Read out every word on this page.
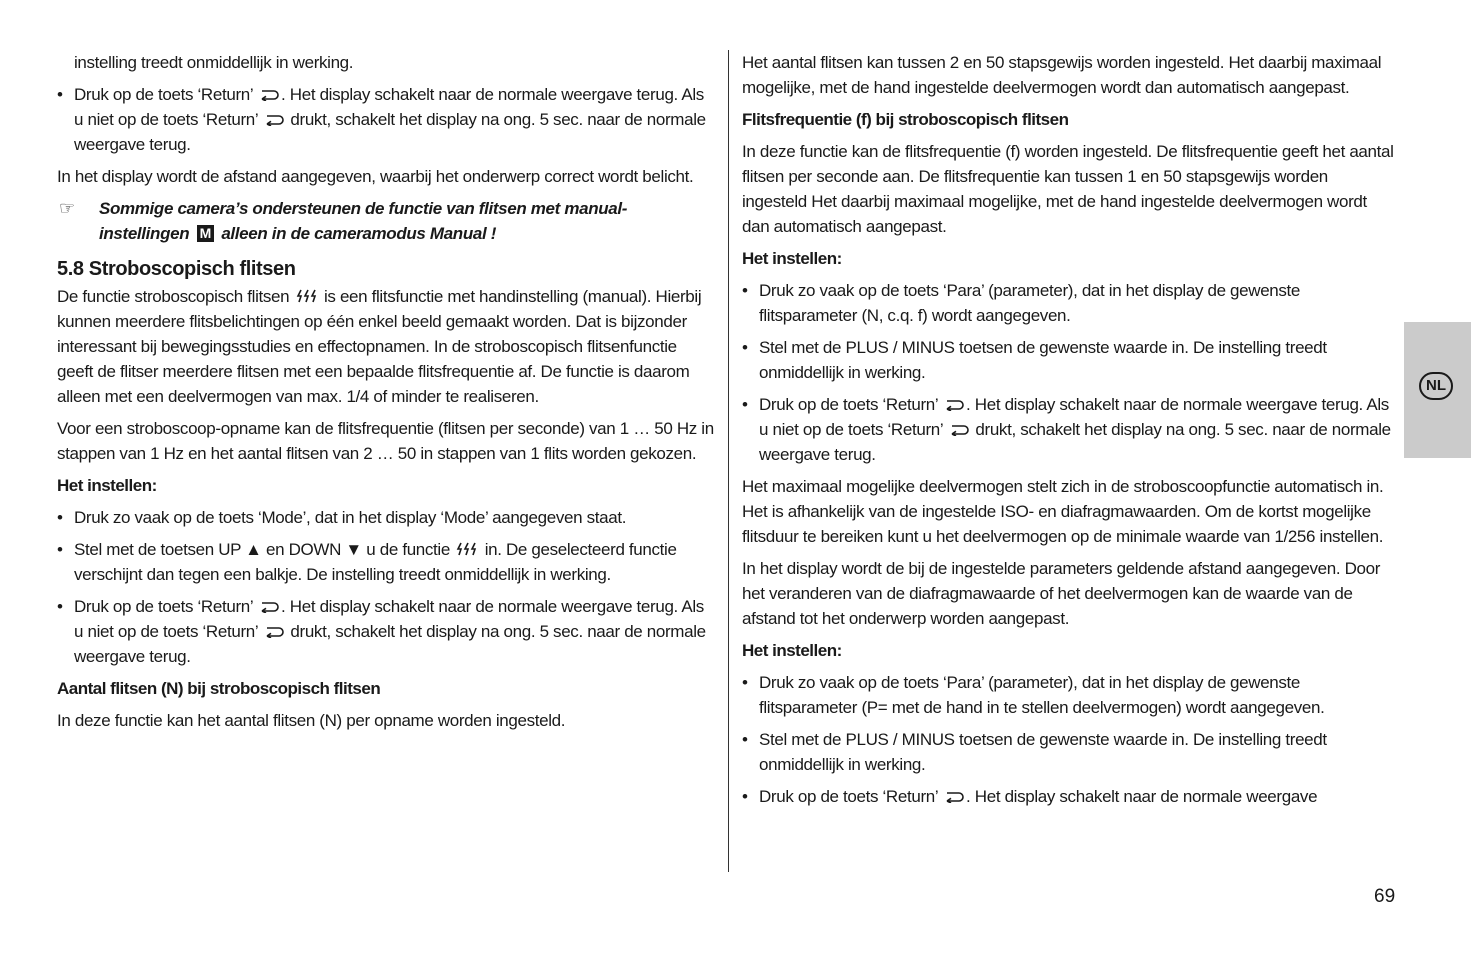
instelling treedt onmiddellijk in werking.

• Druk op de toets ‘Return’ . Het display schakelt naar de normale weergave terug. Als u niet op de toets ‘Return’ drukt, schakelt het display na ong. 5 sec. naar de normale weergave terug.

In het display wordt de afstand aangegeven, waarbij het onderwerp correct wordt belicht.

☞ Sommige camera’s ondersteunen de functie van flitsen met manual-instellingen M alleen in de cameramodus Manual !
5.8 Stroboscopisch flitsen

De functie stroboscopisch flitsen is een flitsfunctie met handinstelling (manual). Hierbij kunnen meerdere flitsbelichtingen op één enkel beeld gemaakt worden. Dat is bijzonder interessant bij bewegingsstudies en effectopnamen. In de stroboscopisch flitsenfunctie geeft de flitser meerdere flitsen met een bepaalde flitsfrequentie af. De functie is daarom alleen met een deelvermogen van max. 1/4 of minder te realiseren.

Voor een stroboscoop-opname kan de flitsfrequentie (flitsen per seconde) van 1 … 50 Hz in stappen van 1 Hz en het aantal flitsen van 2 … 50 in stappen van 1 flits worden gekozen.

Het instellen:
• Druk zo vaak op de toets ‘Mode’, dat in het display ‘Mode’ aangegeven staat.
• Stel met de toetsen UP ▲ en DOWN ▼ u de functie in. De geselecteerd functie verschijnt dan tegen een balkje. De instelling treedt onmiddellijk in werking.
• Druk op de toets ‘Return’ . Het display schakelt naar de normale weergave terug. Als u niet op de toets ‘Return’ drukt, schakelt het display na ong. 5 sec. naar de normale weergave terug.
Aantal flitsen (N) bij stroboscopisch flitsen

In deze functie kan het aantal flitsen (N) per opname worden ingesteld.

Het aantal flitsen kan tussen 2 en 50 stapsgewijs worden ingesteld. Het daarbij maximaal mogelijke, met de hand ingestelde deelvermogen wordt dan automatisch aangepast.

Flitsfrequentie (f) bij stroboscopisch flitsen

In deze functie kan de flitsfrequentie (f) worden ingesteld. De flitsfrequentie geeft het aantal flitsen per seconde aan. De flitsfrequentie kan tussen 1 en 50 stapsgewijs worden ingesteld Het daarbij maximaal mogelijke, met de hand ingestelde deelvermogen wordt dan automatisch aangepast.

Het instellen:
• Druk zo vaak op de toets ‘Para’ (parameter), dat in het display de gewenste flitsparameter (N, c.q. f) wordt aangegeven.
• Stel met de PLUS / MINUS toetsen de gewenste waarde in. De instelling treedt onmiddellijk in werking.
• Druk op de toets ‘Return’ . Het display schakelt naar de normale weergave terug. Als u niet op de toets ‘Return’ drukt, schakelt het display na ong. 5 sec. naar de normale weergave terug.

Het maximaal mogelijke deelvermogen stelt zich in de stroboscoopfunctie automatisch in. Het is afhankelijk van de ingestelde ISO- en diafragmawaarden. Om de kortst mogelijke flitsduur te bereiken kunt u het deelvermogen op de minimale waarde van 1/256 instellen.

In het display wordt de bij de ingestelde parameters geldende afstand aangegeven. Door het veranderen van de diafragmawaarde of het deelvermogen kan de waarde van de afstand tot het onderwerp worden aangepast.

Het instellen:
• Druk zo vaak op de toets ‘Para’ (parameter), dat in het display de gewenste flitsparameter (P= met de hand in te stellen deelvermogen) wordt aangegeven.
• Stel met de PLUS / MINUS toetsen de gewenste waarde in. De instelling treedt onmiddellijk in werking.
• Druk op de toets ‘Return’ . Het display schakelt naar de normale weergave
NL
69
